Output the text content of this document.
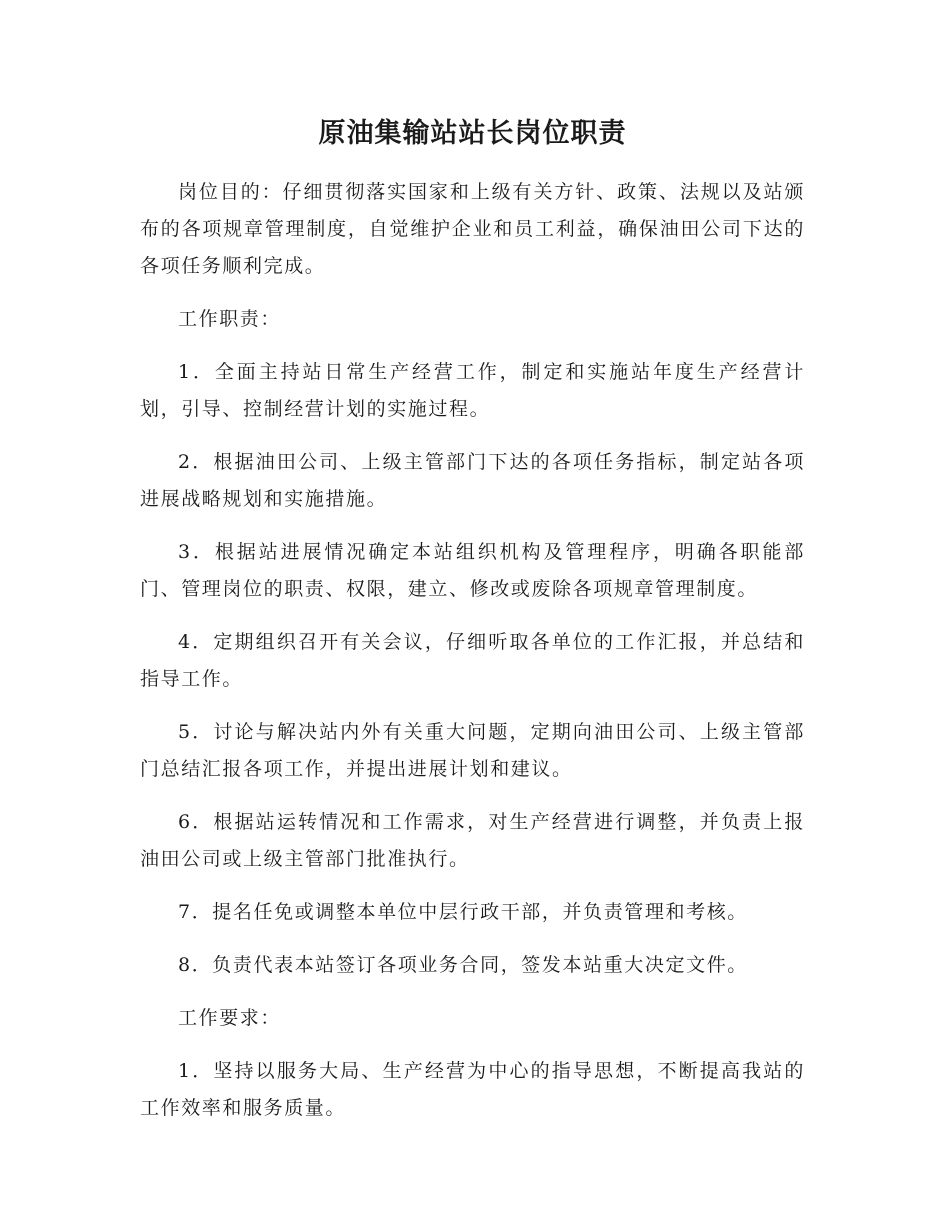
原油集输站站长岗位职责

岗位目的：仔细贯彻落实国家和上级有关方针、政策、法规以及站颁布的各项规章管理制度，自觉维护企业和员工利益，确保油田公司下达的各项任务顺利完成。

工作职责：

1．全面主持站日常生产经营工作，制定和实施站年度生产经营计划，引导、控制经营计划的实施过程。

2．根据油田公司、上级主管部门下达的各项任务指标，制定站各项进展战略规划和实施措施。

3．根据站进展情况确定本站组织机构及管理程序，明确各职能部门、管理岗位的职责、权限，建立、修改或废除各项规章管理制度。

4．定期组织召开有关会议，仔细听取各单位的工作汇报，并总结和指导工作。

5．讨论与解决站内外有关重大问题，定期向油田公司、上级主管部门总结汇报各项工作，并提出进展计划和建议。

6．根据站运转情况和工作需求，对生产经营进行调整，并负责上报油田公司或上级主管部门批准执行。

7．提名任免或调整本单位中层行政干部，并负责管理和考核。

8．负责代表本站签订各项业务合同，签发本站重大决定文件。

工作要求：

1．坚持以服务大局、生产经营为中心的指导思想，不断提高我站的工作效率和服务质量。
